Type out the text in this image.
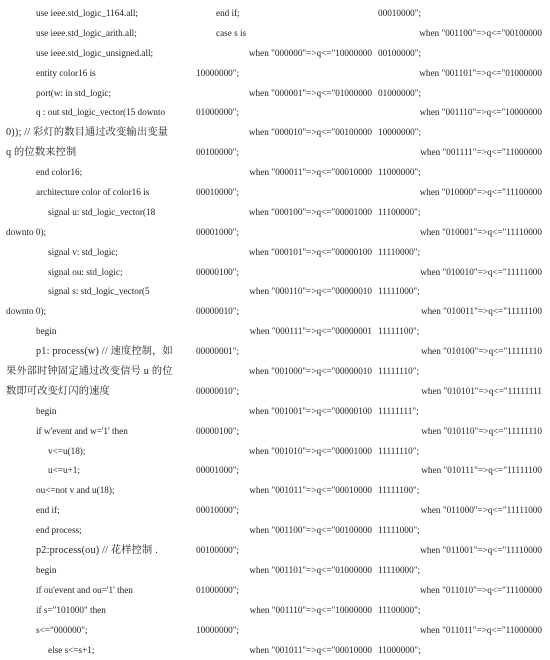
use ieee.std_logic_1164.all;
use ieee.std_logic_arith.all;
use ieee.std_logic_unsigned.all;
entity color16 is
port(w: in std_logic;
q : out std_logic_vector(15 downto
0)); // 彩灯的数目通过改变输出变量
q 的位数来控制
end color16;
architecture color of color16 is
signal u: std_logic_vector(18
downto 0);
signal v: std_logic;
signal ou: std_logic;
signal s: std_logic_vector(5
downto 0);
begin
p1: process(w) // 速度控制，如
果外部时钟固定通过改变信号 u 的位
数即可改变灯闪的速度
begin
if w'event and w='1' then
v<=u(18);
u<=u+1;
ou<=not v and u(18);
end if;
end process;
p2:process(ou) // 花样控制 .
begin
if ou'event and ou='1' then
if s="101000" then
s<="000000";
else s<=s+1;
end if;
case s is
when "000000"=>q<="10000000
10000000";
when "000001"=>q<="01000000
01000000";
when "000010"=>q<="00100000
00100000";
when "000011"=>q<="00010000
00010000";
when "000100"=>q<="00001000
00001000";
when "000101"=>q<="00000100
00000100";
when "000110"=>q<="00000010
00000010";
when "000111"=>q<="00000001
00000001";
when "001000"=>q<="00000010
00000010";
when "001001"=>q<="00000100
00000100";
when "001010"=>q<="00001000
00001000";
when "001011"=>q<="00010000
00010000";
when "001100"=>q<="00100000
00100000";
when "001101"=>q<="01000000
01000000";
when "001110"=>q<="10000000
10000000";
when "001011"=>q<="00010000
00010000";
when "001100"=>q<="00100000
00100000";
when "001101"=>q<="01000000
01000000";
when "001110"=>q<="10000000
10000000";
when "001111"=>q<="11000000
11000000";
when "010000"=>q<="11100000
11100000";
when "010001"=>q<="11110000
11110000";
when "010010"=>q<="11111000
11111000";
when "010011"=>q<="11111100
11111100";
when "010100"=>q<="11111110
11111110";
when "010101"=>q<="11111111
11111111";
when "010110"=>q<="11111110
11111110";
when "010111"=>q<="11111100
11111100";
when "011000"=>q<="11111000
11111000";
when "011001"=>q<="11110000
11110000";
when "011010"=>q<="11100000
11100000";
when "011011"=>q<="11000000
11000000";
